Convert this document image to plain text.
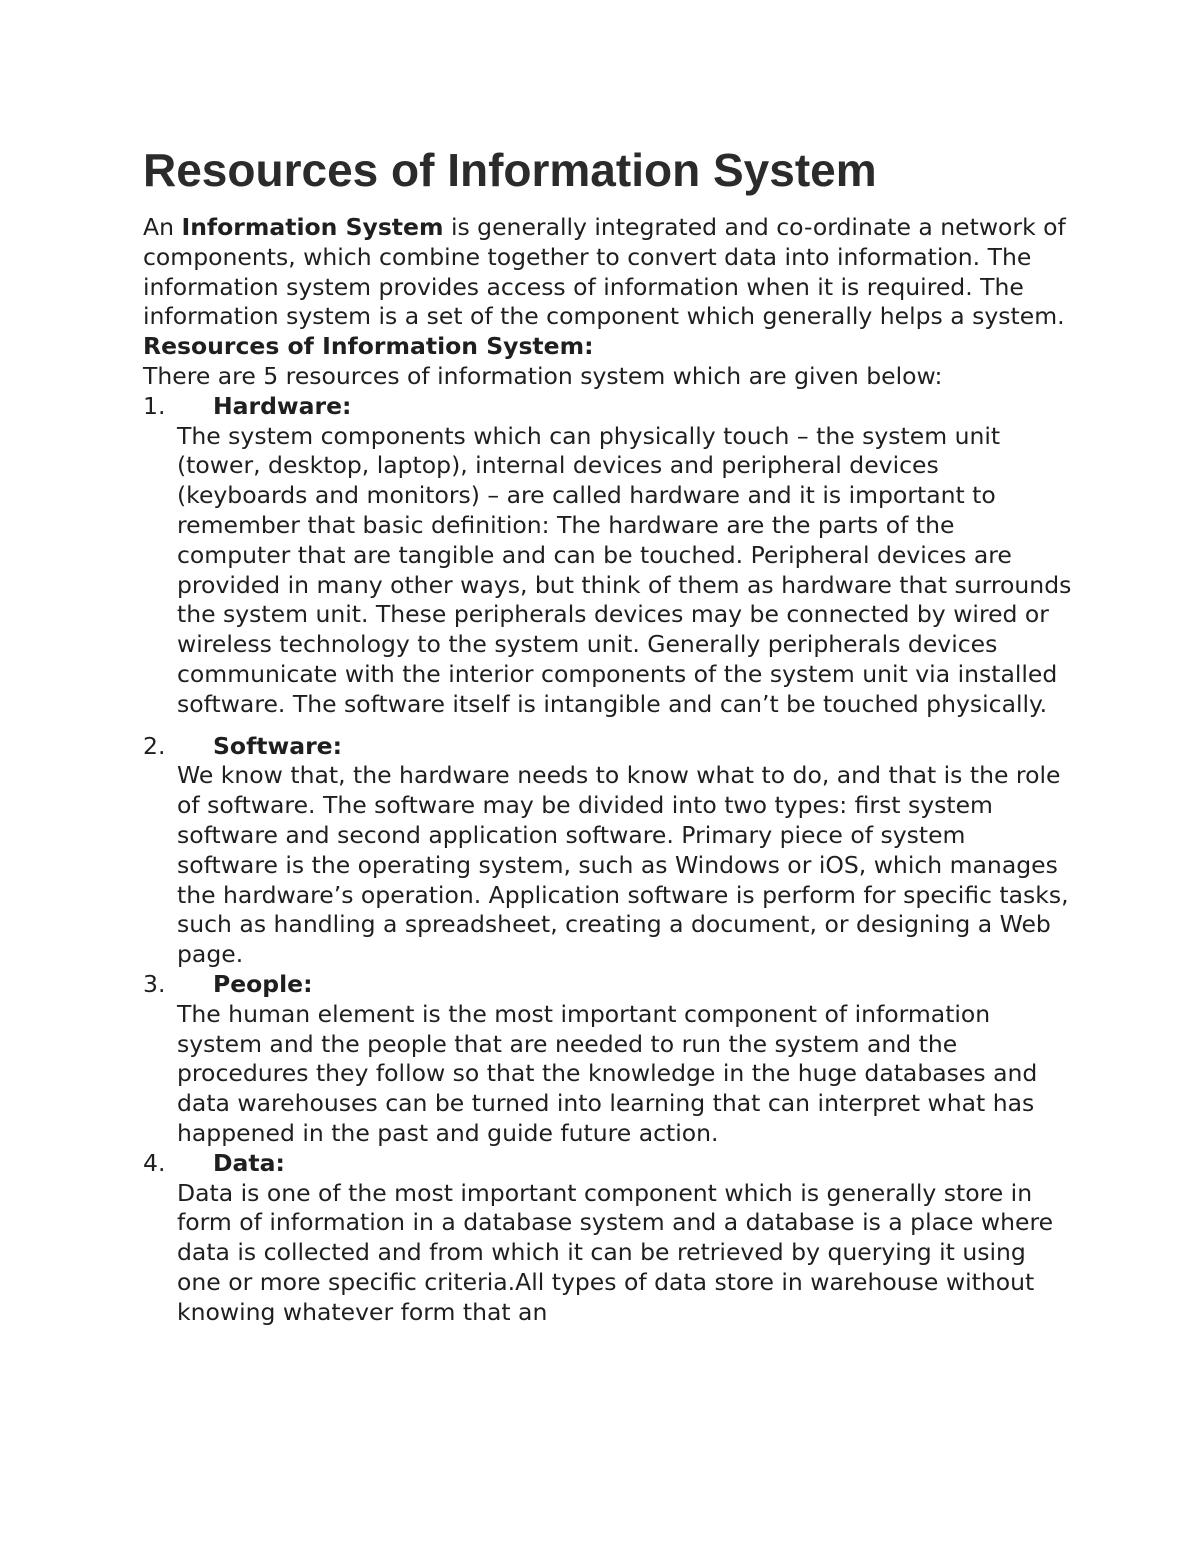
Resources of Information System

An Information System is generally integrated and co-ordinate a network of components, which combine together to convert data into information. The information system provides access of information when it is required. The information system is a set of the component which generally helps a system.

Resources of Information System:

There are 5 resources of information system which are given below:

1.	Hardware:

The system components which can physically touch – the system unit (tower, desktop, laptop), internal devices and peripheral devices (keyboards and monitors) – are called hardware and it is important to remember that basic definition: The hardware are the parts of the computer that are tangible and can be touched. Peripheral devices are provided in many other ways, but think of them as hardware that surrounds the system unit. These peripherals devices may be connected by wired or wireless technology to the system unit. Generally peripherals devices communicate with the interior components of the system unit via installed software. The software itself is intangible and can’t be touched physically.

2.	Software:

We know that, the hardware needs to know what to do, and that is the role of software. The software may be divided into two types: first system software and second application software. Primary piece of system software is the operating system, such as Windows or iOS, which manages the hardware’s operation. Application software is perform for specific tasks, such as handling a spreadsheet, creating a document, or designing a Web page.

3.	People:

The human element is the most important component of information system and the people that are needed to run the system and the procedures they follow so that the knowledge in the huge databases and data warehouses can be turned into learning that can interpret what has happened in the past and guide future action.

4.	Data:

Data is one of the most important component which is generally store in form of information in a database system and a database is a place where data is collected and from which it can be retrieved by querying it using one or more specific criteria.All types of data store in warehouse without knowing whatever form that an
